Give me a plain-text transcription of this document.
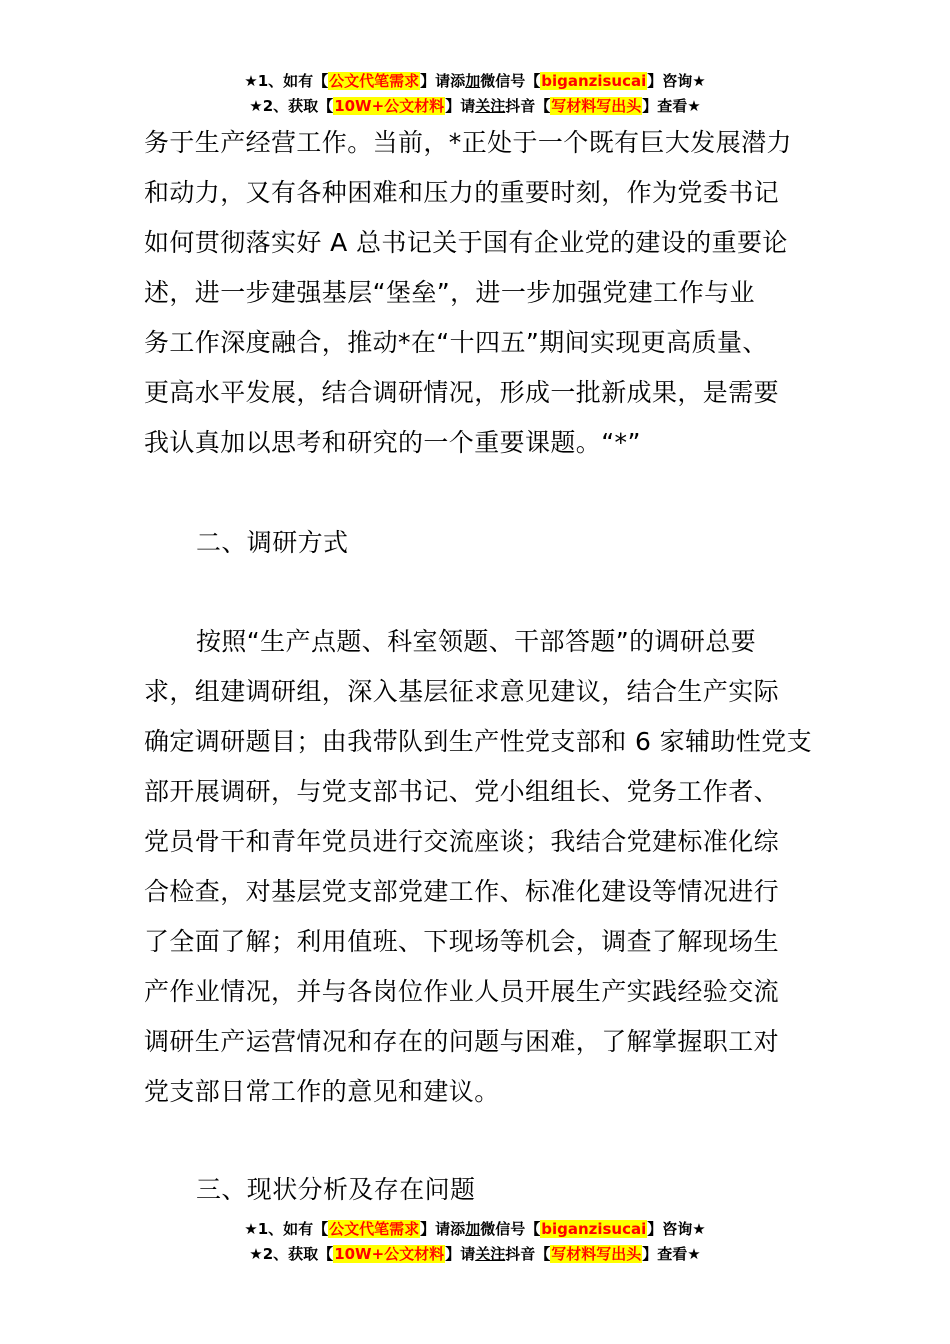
★1、如有【公文代笔需求】请添加微信号【biganzisucai】咨询★
★2、获取【10W+公文材料】请关注抖音【写材料写出头】查看★
务于生产经营工作。当前，*正处于一个既有巨大发展潜力
和动力，又有各种困难和压力的重要时刻，作为党委书记
如何贯彻落实好 A 总书记关于国有企业党的建设的重要论
述，进一步建强基层“堡垒”，进一步加强党建工作与业
务工作深度融合，推动*在“十四五”期间实现更高质量、
更高水平发展，结合调研情况，形成一批新成果，是需要
我认真加以思考和研究的一个重要课题。“*”
二、调研方式
按照“生产点题、科室领题、干部答题”的调研总要
求，组建调研组，深入基层征求意见建议，结合生产实际
确定调研题目；由我带队到生产性党支部和 6 家辅助性党支
部开展调研，与党支部书记、党小组组长、党务工作者、
党员骨干和青年党员进行交流座谈；我结合党建标准化综
合检查，对基层党支部党建工作、标准化建设等情况进行
了全面了解；利用值班、下现场等机会，调查了解现场生
产作业情况，并与各岗位作业人员开展生产实践经验交流
调研生产运营情况和存在的问题与困难，了解掌握职工对
党支部日常工作的意见和建议。
三、现状分析及存在问题
★1、如有【公文代笔需求】请添加微信号【biganzisucai】咨询★
★2、获取【10W+公文材料】请关注抖音【写材料写出头】查看★
